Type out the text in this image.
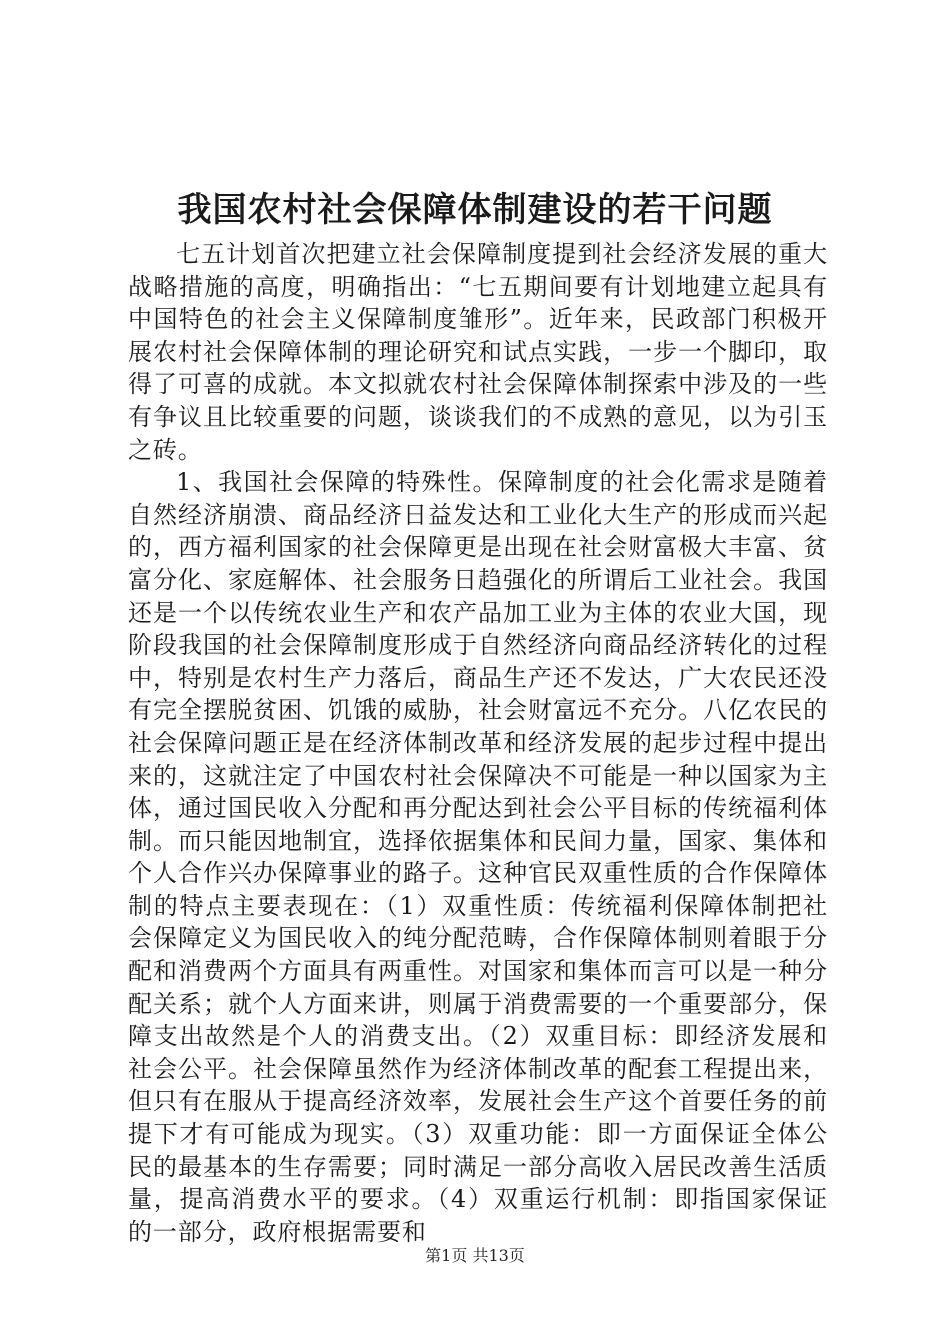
我国农村社会保障体制建设的若干问题

七五计划首次把建立社会保障制度提到社会经济发展的重大战略措施的高度，明确指出：“七五期间要有计划地建立起具有中国特色的社会主义保障制度雏形”。近年来，民政部门积极开展农村社会保障体制的理论研究和试点实践，一步一个脚印，取得了可喜的成就。本文拟就农村社会保障体制探索中涉及的一些有争议且比较重要的问题，谈谈我们的不成熟的意见，以为引玉之砖。

1、我国社会保障的特殊性。保障制度的社会化需求是随着自然经济崩溃、商品经济日益发达和工业化大生产的形成而兴起的，西方福利国家的社会保障更是出现在社会财富极大丰富、贫富分化、家庭解体、社会服务日趋强化的所谓后工业社会。我国还是一个以传统农业生产和农产品加工业为主体的农业大国，现阶段我国的社会保障制度形成于自然经济向商品经济转化的过程中，特别是农村生产力落后，商品生产还不发达，广大农民还没有完全摆脱贫困、饥饿的威胁，社会财富远不充分。八亿农民的社会保障问题正是在经济体制改革和经济发展的起步过程中提出来的，这就注定了中国农村社会保障决不可能是一种以国家为主体，通过国民收入分配和再分配达到社会公平目标的传统福利体制。而只能因地制宜，选择依据集体和民间力量，国家、集体和个人合作兴办保障事业的路子。这种官民双重性质的合作保障体制的特点主要表现在：（1）双重性质：传统福利保障体制把社会保障定义为国民收入的纯分配范畴，合作保障体制则着眼于分配和消费两个方面具有两重性。对国家和集体而言可以是一种分配关系；就个人方面来讲，则属于消费需要的一个重要部分，保障支出故然是个人的消费支出。（2）双重目标：即经济发展和社会公平。社会保障虽然作为经济体制改革的配套工程提出来，但只有在服从于提高经济效率，发展社会生产这个首要任务的前提下才有可能成为现实。（3）双重功能：即一方面保证全体公民的最基本的生存需要；同时满足一部分高收入居民改善生活质量，提高消费水平的要求。（4）双重运行机制：即指国家保证的一部分，政府根据需要和

第1页 共13页
